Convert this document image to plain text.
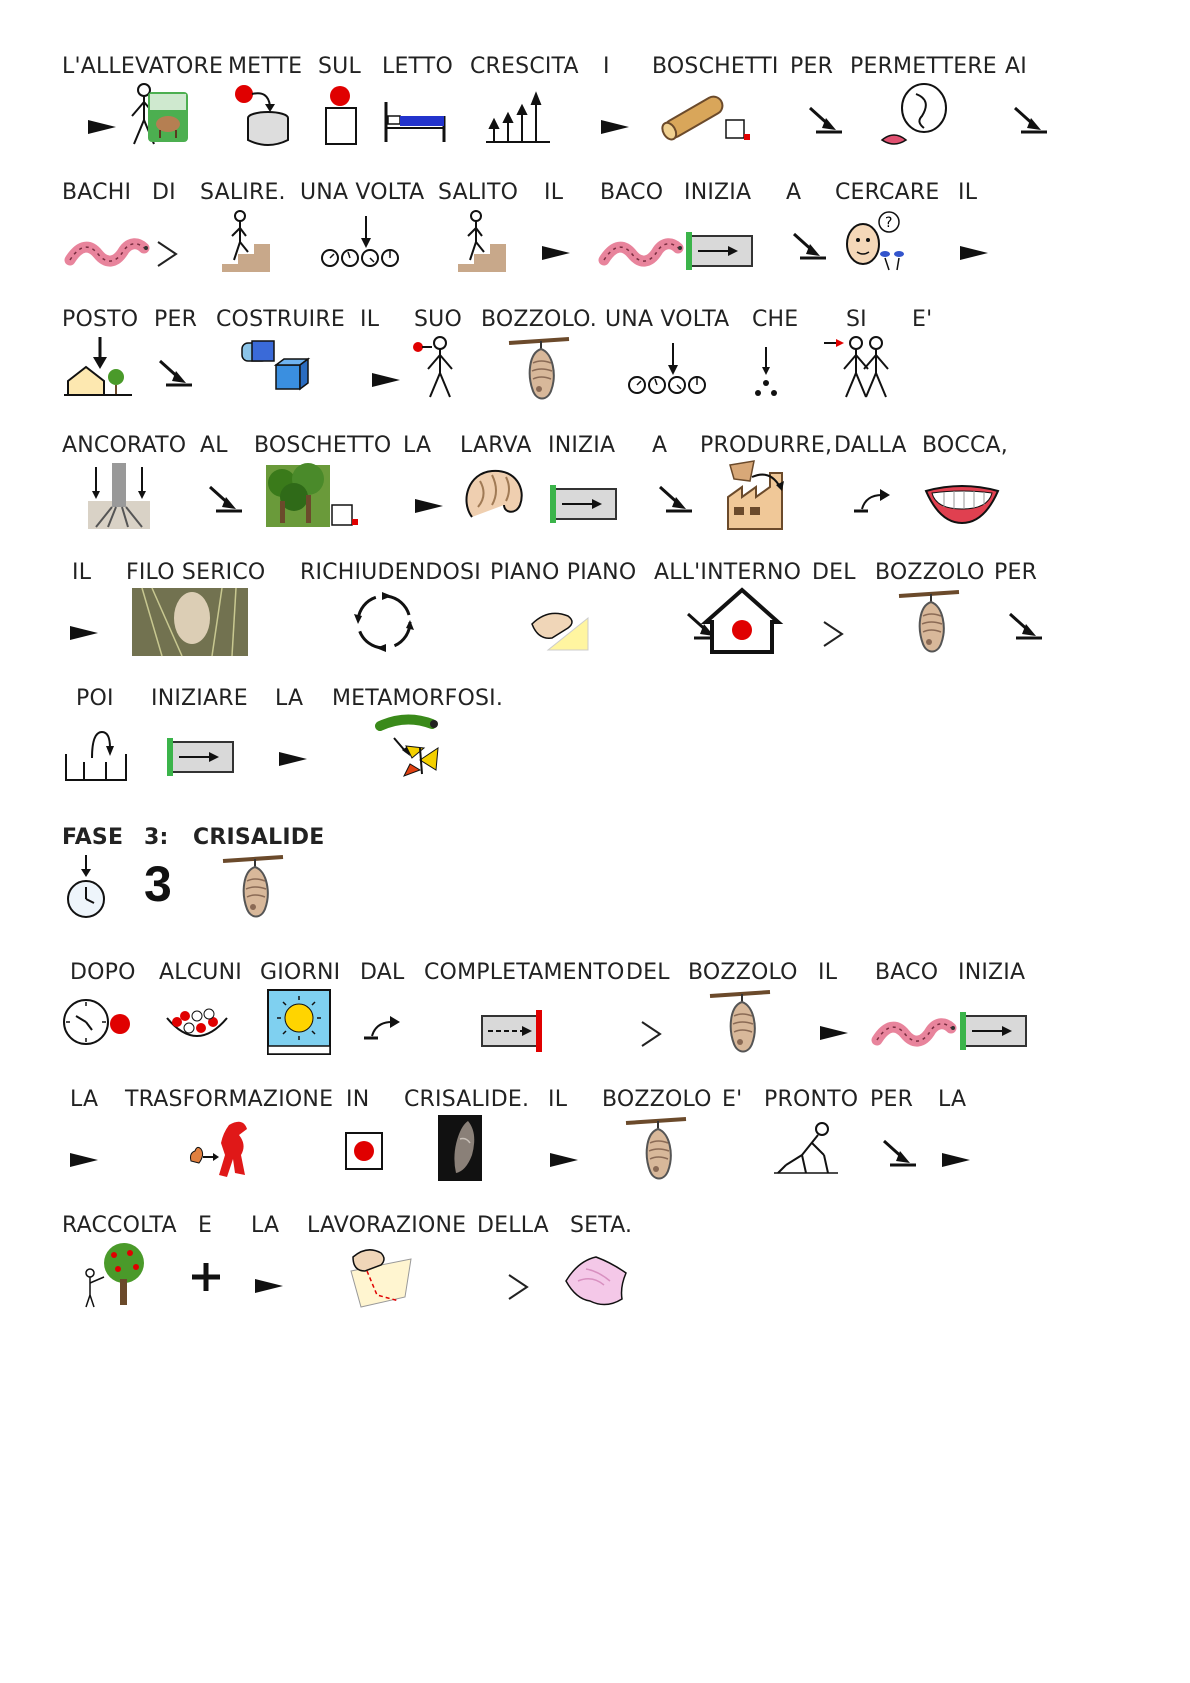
L'ALLEVATORE METTE SUL LETTO CRESCITA I BOSCHETTI PER PERMETTERE AI
BACHI DI SALIRE. UNA VOLTA SALITO IL BACO INIZIA A CERCARE
?
IL
POSTO PER COSTRUIRE IL SUO BOZZOLO. UNA VOLTA CHE SI E'
ANCORATO AL BOSCHETTO LA LARVA INIZIA A PRODURRE, DALLA BOCCA,
IL FILO SERICO RICHIUDENDOSI PIANO PIANO ALL'INTERNO DEL BOZZOLO PER
POI INIZIARE LA METAMORFOSI.
FASE 3:
3
CRISALIDE
DOPO ALCUNI GIORNI DAL COMPLETAMENTO DEL BOZZOLO IL BACO INIZIA
LA TRASFORMAZIONE IN CRISALIDE. IL BOZZOLO E' PRONTO PER LA
RACCOLTA E LA LAVORAZIONE DELLA SETA.
